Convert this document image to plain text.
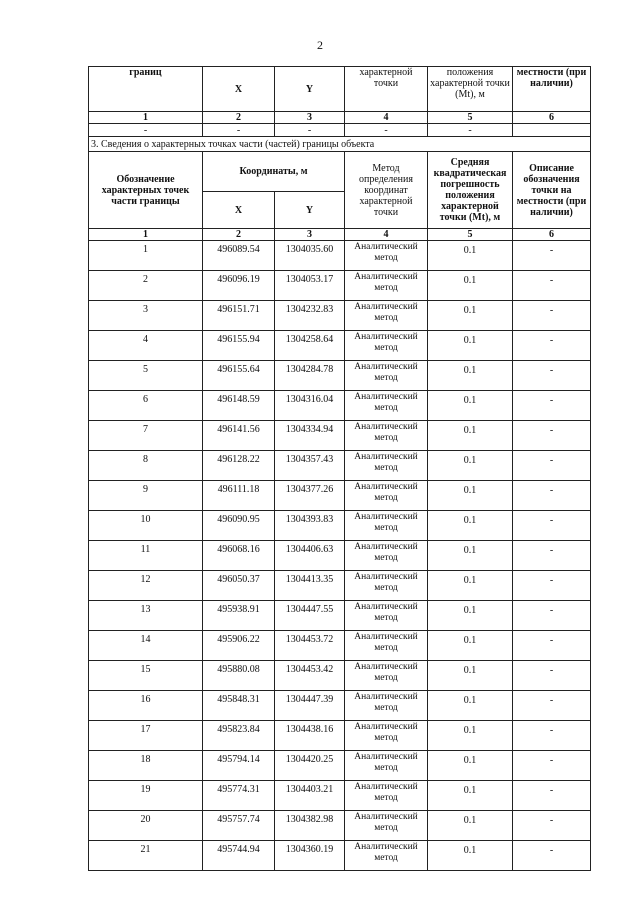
2
границ	X	Y	характерной точки	положения характерной точки (Mt), м	местности (при наличии)
1	2	3	4	5	6
-	-	-	-	-	
3. Сведения о характерных точках части (частей) границы объекта					
Обозначение характерных точек части границы	Координаты, м		Метод определения координат характерной точки	Средняя квадратическая погрешность положения характерной точки (Mt), м	Описание обозначения точки на местности (при наличии)
	X	Y			
1	2	3	4	5	6
1	496089.54	1304035.60	Аналитический метод	0.1	-
2	496096.19	1304053.17	Аналитический метод	0.1	-
3	496151.71	1304232.83	Аналитический метод	0.1	-
4	496155.94	1304258.64	Аналитический метод	0.1	-
5	496155.64	1304284.78	Аналитический метод	0.1	-
6	496148.59	1304316.04	Аналитический метод	0.1	-
7	496141.56	1304334.94	Аналитический метод	0.1	-
8	496128.22	1304357.43	Аналитический метод	0.1	-
9	496111.18	1304377.26	Аналитический метод	0.1	-
10	496090.95	1304393.83	Аналитический метод	0.1	-
11	496068.16	1304406.63	Аналитический метод	0.1	-
12	496050.37	1304413.35	Аналитический метод	0.1	-
13	495938.91	1304447.55	Аналитический метод	0.1	-
14	495906.22	1304453.72	Аналитический метод	0.1	-
15	495880.08	1304453.42	Аналитический метод	0.1	-
16	495848.31	1304447.39	Аналитический метод	0.1	-
17	495823.84	1304438.16	Аналитический метод	0.1	-
18	495794.14	1304420.25	Аналитический метод	0.1	-
19	495774.31	1304403.21	Аналитический метод	0.1	-
20	495757.74	1304382.98	Аналитический метод	0.1	-
21	495744.94	1304360.19	Аналитический метод	0.1	-
